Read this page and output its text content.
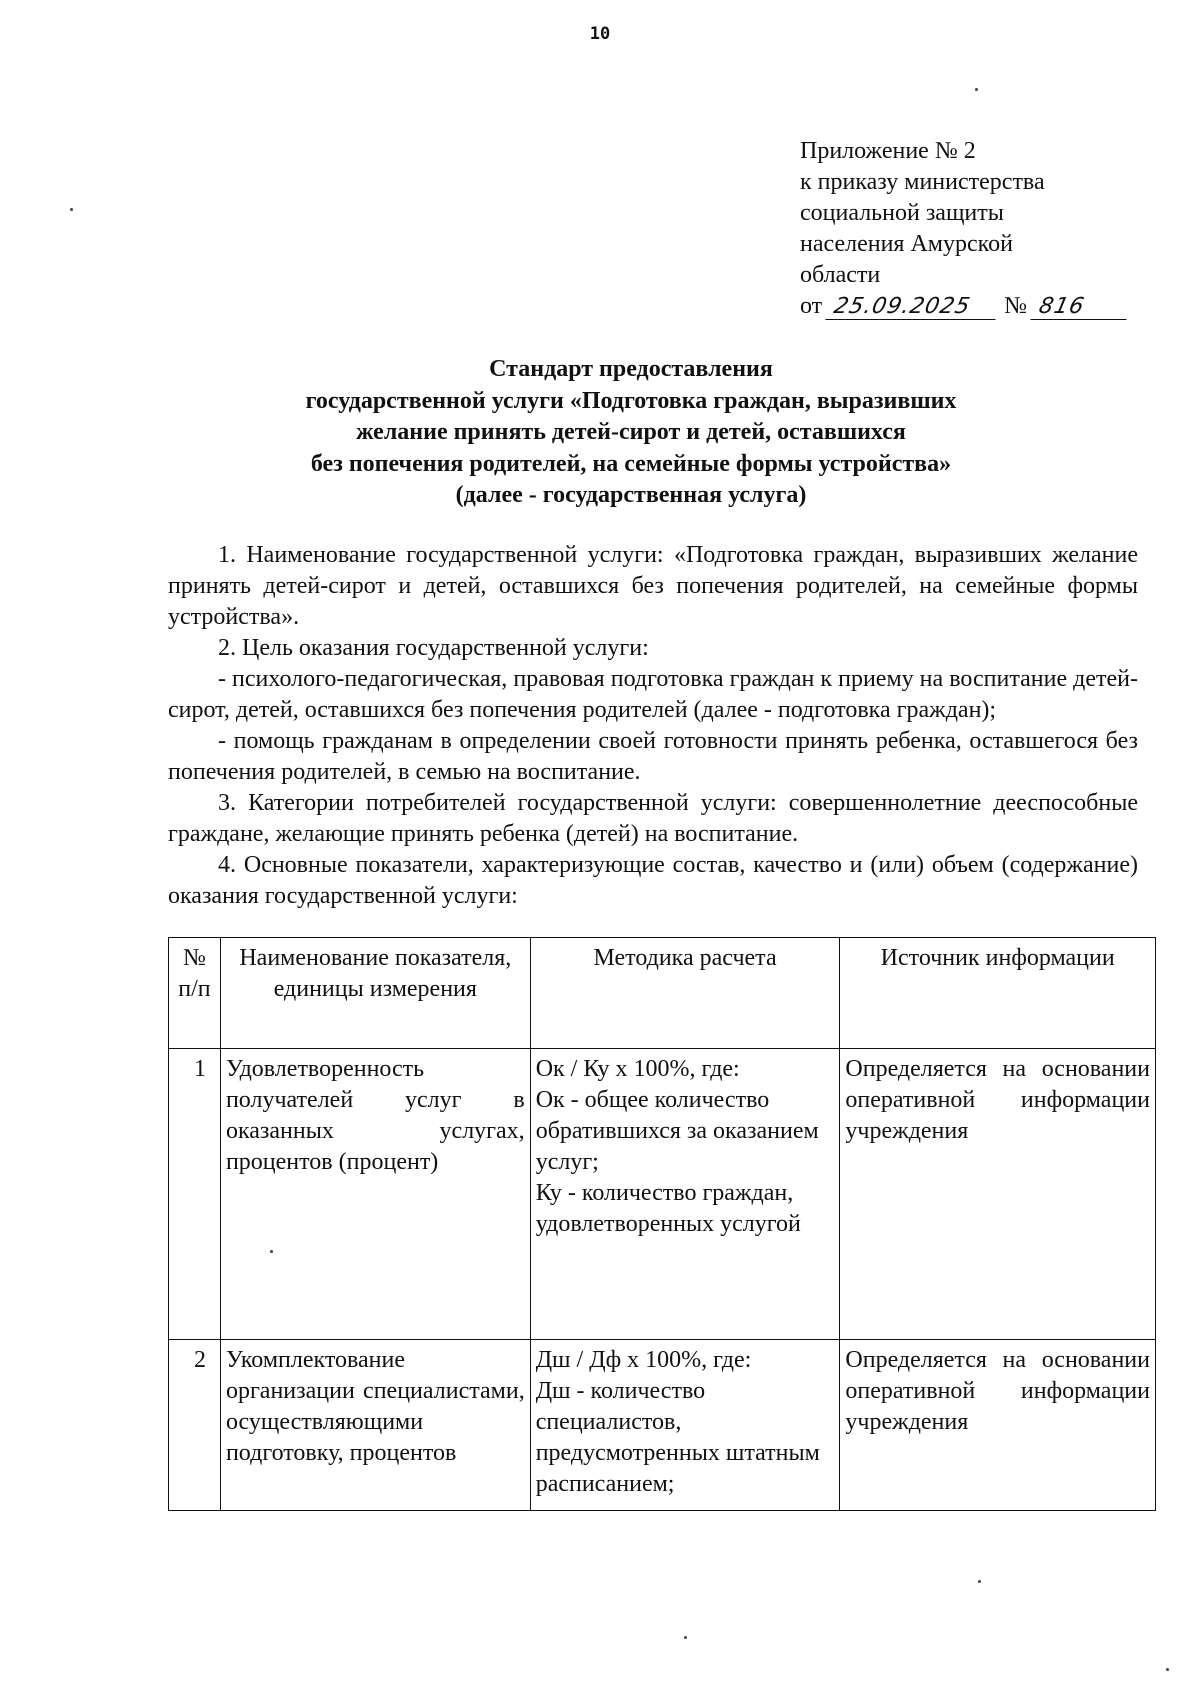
10
Приложение № 2
к приказу министерства
социальной защиты
населения Амурской
области
от 25.09.2025 № 816
Стандарт предоставления
государственной услуги «Подготовка граждан, выразивших
желание принять детей-сирот и детей, оставшихся
без попечения родителей, на семейные формы устройства»
(далее - государственная услуга)

1. Наименование государственной услуги: «Подготовка граждан, выразивших желание принять детей-сирот и детей, оставшихся без попечения родителей, на семейные формы устройства».

2. Цель оказания государственной услуги:

- психолого-педагогическая, правовая подготовка граждан к приему на воспитание детей-сирот, детей, оставшихся без попечения родителей (далее - подготовка граждан);

- помощь гражданам в определении своей готовности принять ребенка, оставшегося без попечения родителей, в семью на воспитание.

3. Категории потребителей государственной услуги: совершеннолетние дееспособные граждане, желающие принять ребенка (детей) на воспитание.

4. Основные показатели, характеризующие состав, качество и (или) объем (содержание) оказания государственной услуги:

№ п/п	Наименование показателя, единицы измерения	Методика расчета	Источник информации
1	Удовлетворенность получателей услуг в оказанных услугах, процентов (процент)	Ок / Ку х 100%, где:
Ок - общее количество обратившихся за оказанием услуг;
Ку - количество граждан, удовлетворенных услугой	Определяется на основании оперативной информации учреждения
2	Укомплектование организации специалистами, осуществляющими подготовку, процентов	Дш / Дф х 100%, где:
Дш - количество специалистов, предусмотренных штатным расписанием;	Определяется на основании оперативной информации учреждения
